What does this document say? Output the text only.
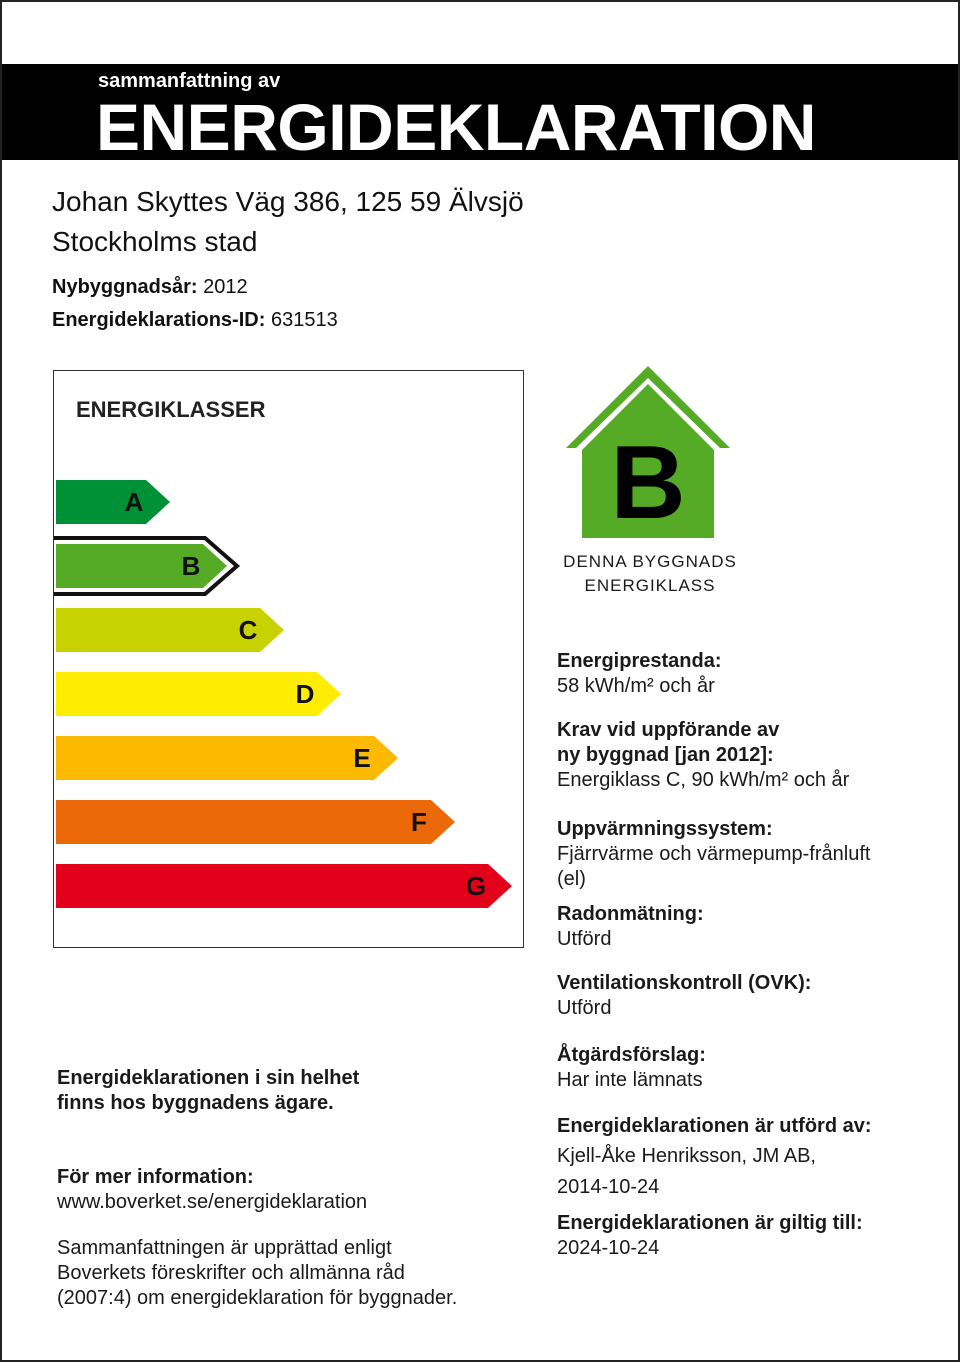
sammanfattning av
ENERGIDEKLARATION
Johan Skyttes Väg 386, 125 59 Älvsjö
Stockholms stad
Nybyggnadsår: 2012
Energideklarations-ID: 631513
ENERGIKLASSER
A
B
C
D
E
F
G
B
DENNA BYGGNADS
ENERGIKLASS
Energiprestanda:
58 kWh/m² och år
Krav vid uppförande av
ny byggnad [jan 2012]:
Energiklass C, 90 kWh/m² och år
Uppvärmningssystem:
Fjärrvärme och värmepump-frånluft
(el)
Radonmätning:
Utförd
Ventilationskontroll (OVK):
Utförd
Åtgärdsförslag:
Har inte lämnats
Energideklarationen är utförd av:
Kjell-Åke Henriksson, JM AB,
2014-10-24
Energideklarationen är giltig till:
2024-10-24
Energideklarationen i sin helhet
finns hos byggnadens ägare.
För mer information:
www.boverket.se/energideklaration
Sammanfattningen är upprättad enligt
Boverkets föreskrifter och allmänna råd
(2007:4) om energideklaration för byggnader.
